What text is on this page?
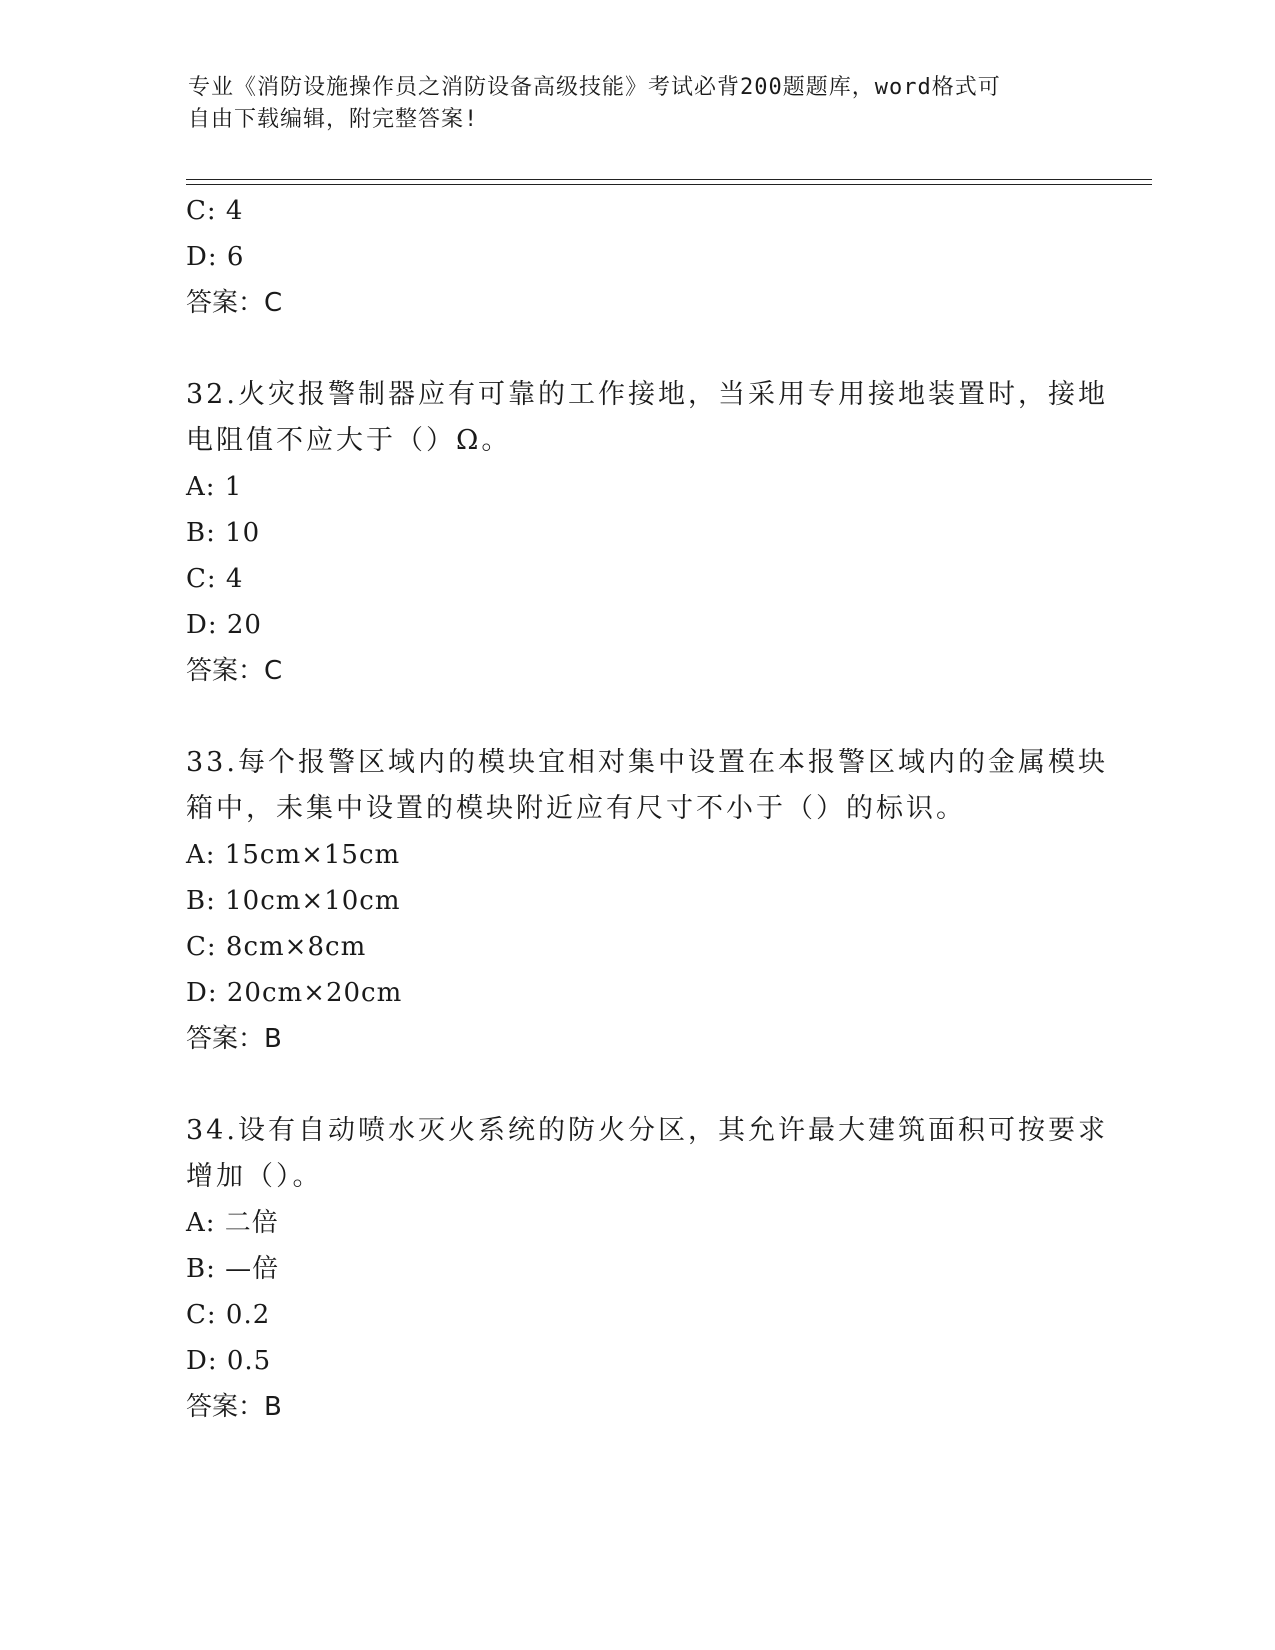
专业《消防设施操作员之消防设备高级技能》考试必背200题题库，word格式可
自由下载编辑，附完整答案!
C: 4
D: 6
答案：C
32.火灾报警制器应有可靠的工作接地，当采用专用接地装置时，接地
电阻值不应大于（）Ω。
A: 1
B: 10
C: 4
D: 20
答案：C
33.每个报警区域内的模块宜相对集中设置在本报警区域内的金属模块
箱中，未集中设置的模块附近应有尺寸不小于（）的标识。
A: 15cm×15cm
B: 10cm×10cm
C: 8cm×8cm
D: 20cm×20cm
答案：B
34.设有自动喷水灭火系统的防火分区，其允许最大建筑面积可按要求
增加（）。
A: 二倍
B: —倍
C: 0.2
D: 0.5
答案：B
